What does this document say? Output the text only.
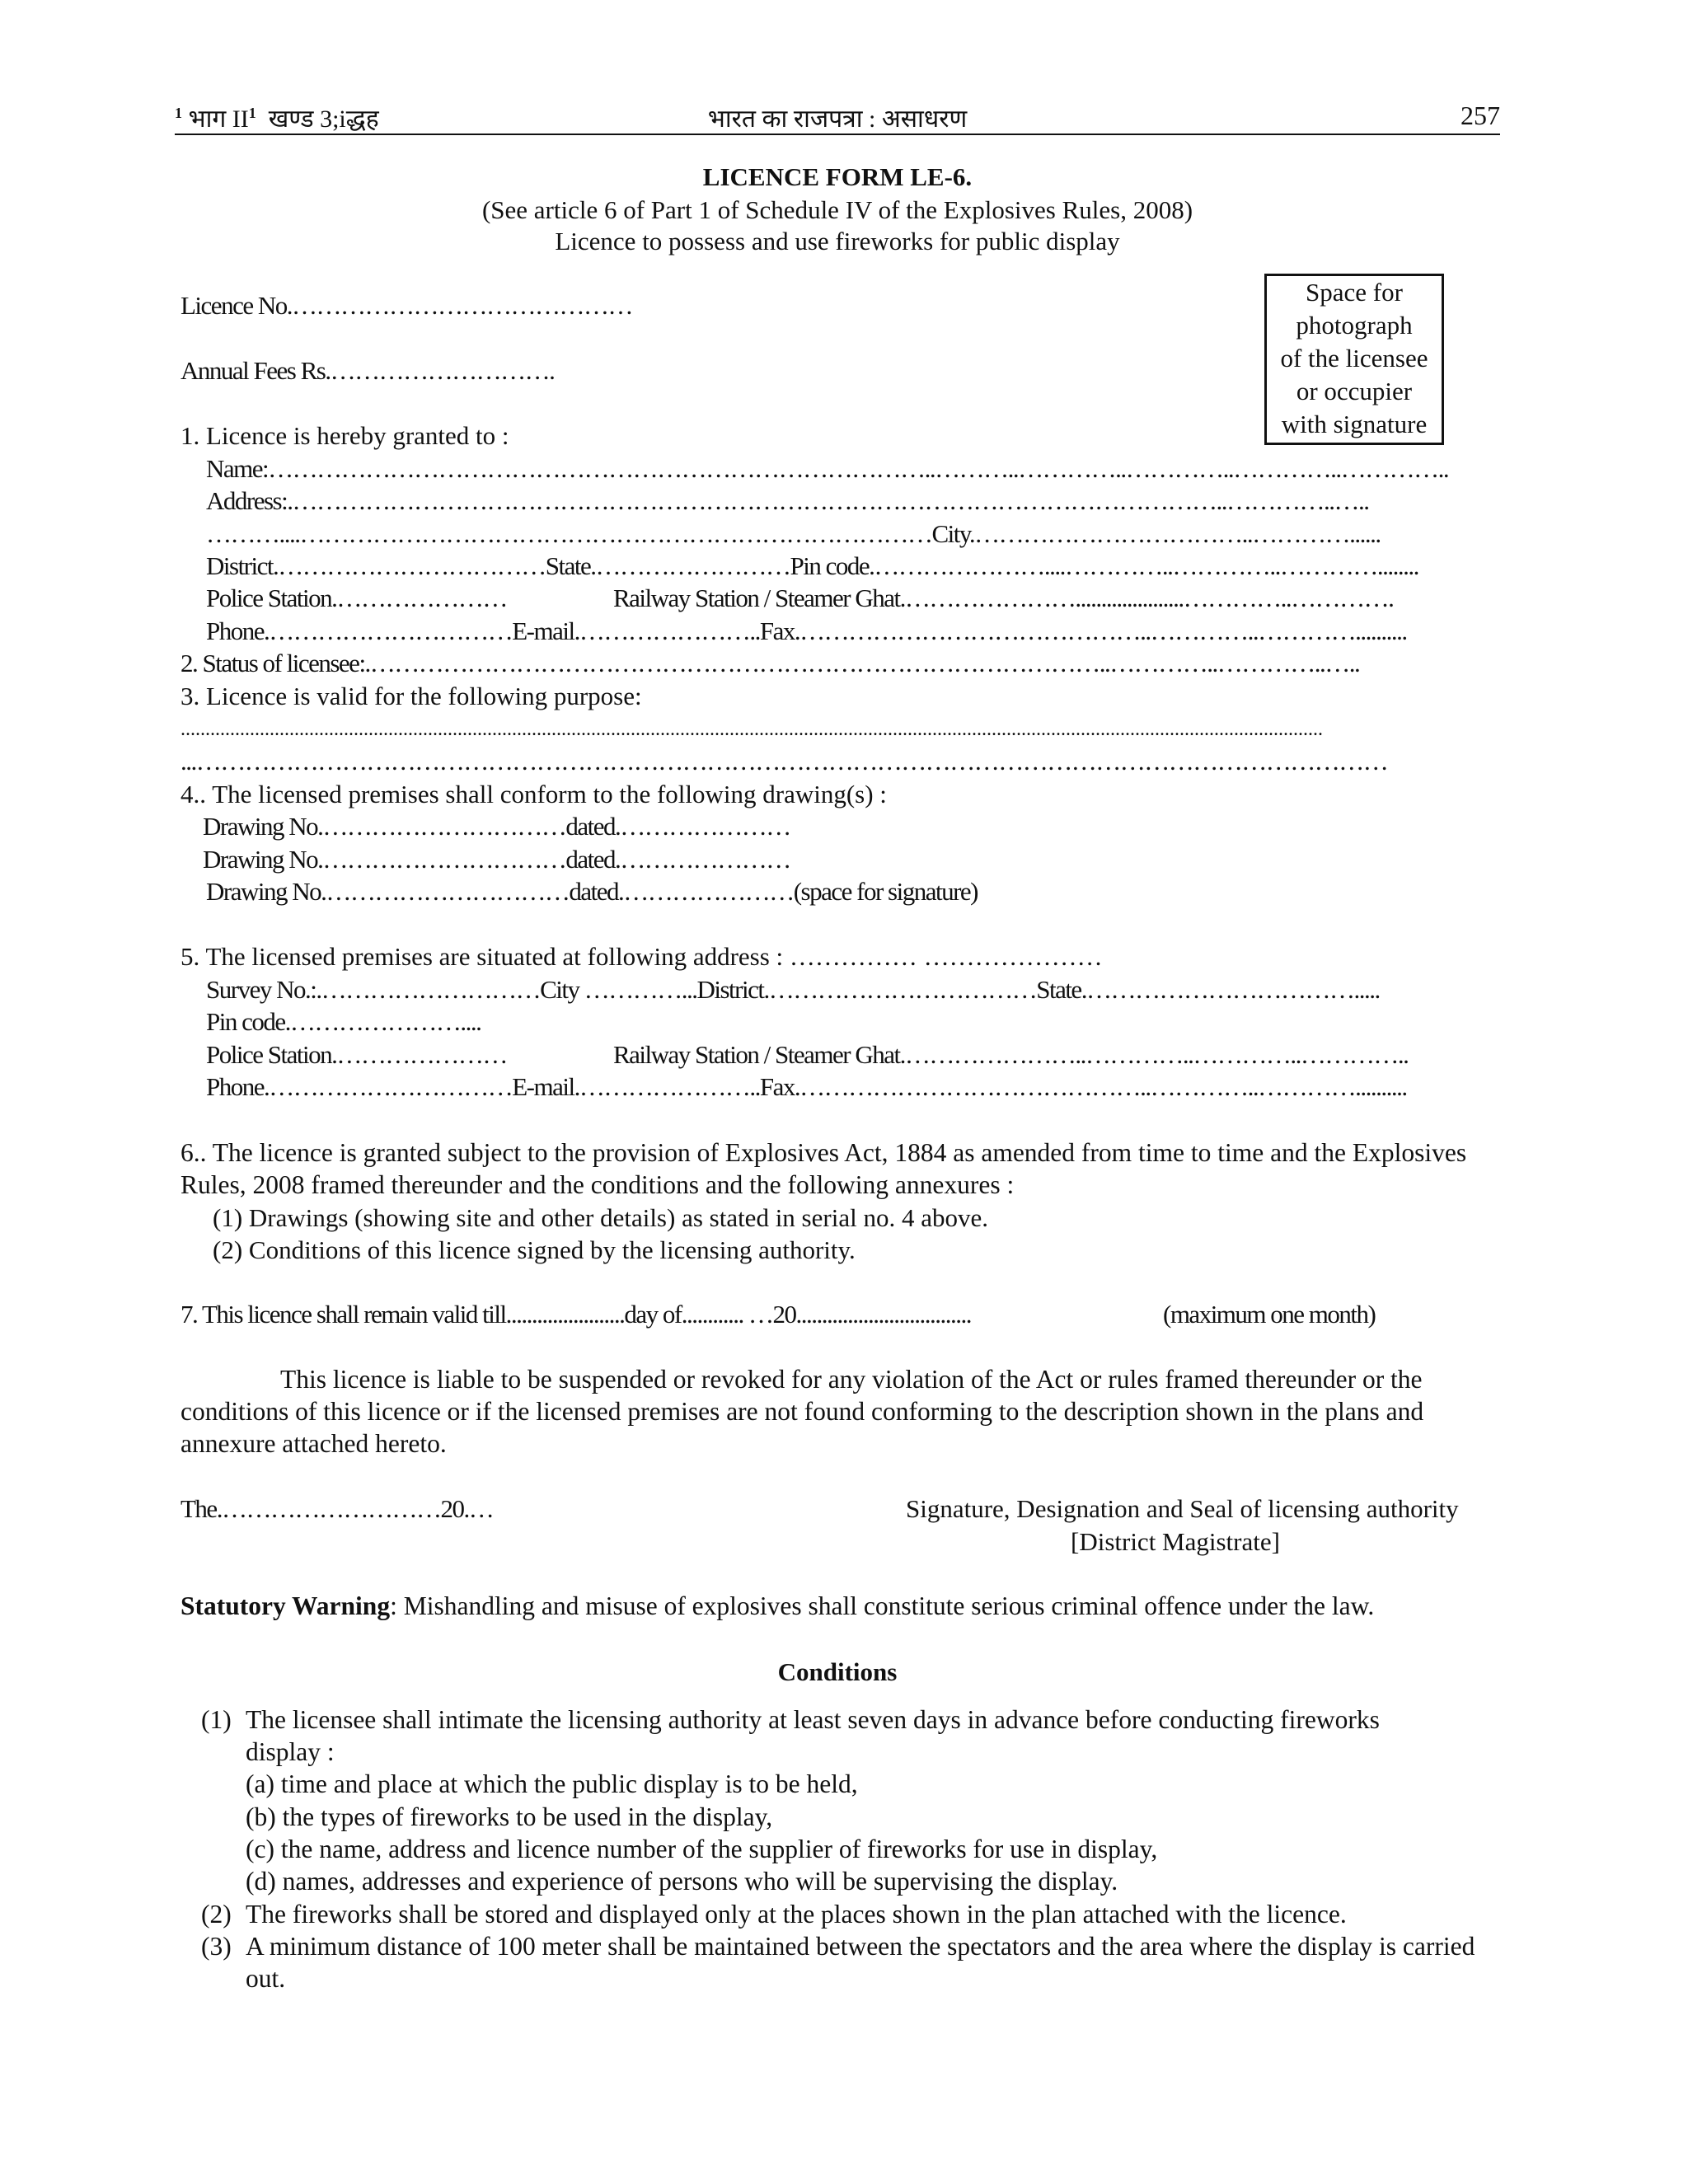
$^1$ भाग $II^1$ खण्ड 3;iद्धह	भारत का राजपत्रा : असाधरण	257
LICENCE FORM LE-6.
(See article 6 of Part 1 of Schedule IV of the Explosives Rules, 2008)
Licence to possess and use fireworks for public display
Space for
photograph
of the licensee
or occupier
with signature
Licence No.……………………………………
Annual Fees Rs.……………………….
1. Licence is hereby granted to :
Name:………………………………………………………………………..………..…………..…………..…………..…………..
Address:.……………………………………………………………………………………………………..…………..…..
………....……………………………………………………………………City.……………………………..…………......
District.……………………………State.……………………Pin code.…………………....…………..…………..…………........
Police Station.…………………	Railway Station / Steamer Ghat.………………….....................…………..………….
Phone.…………………………E-mail.…………………..Fax.……………………………………..…………..…………..........
2. Status of licensee:.………………………………………………………………………………..…………..…………..…..
3. Licence is valid for the following purpose:
.......................................................................................................................................................................................................................................
...…………………………………………………………………………………………………………………………………
4.. The licensed premises shall conform to the following drawing(s) :
Drawing No.…………………………dated.…………………
Drawing No.…………………………dated.…………………
Drawing No.…………………………dated.…………………(space for signature)
5. The licensed premises are situated at following address : …………… …………………
Survey No.:.………………………City …………...District.……………………………State.…………………………….....
Pin code.…………………....
Police Station.…………………	Railway Station / Steamer Ghat.…………………..…………..…………..…………..
Phone.…………………………E-mail.…………………..Fax.……………………………………..…………..…………..........
6.. The licence is granted subject to the provision of Explosives Act, 1884 as amended from time to time and the Explosives
Rules, 2008 framed thereunder and the conditions and the following annexures :
(1) Drawings (showing site and other details) as stated in serial no. 4 above.
(2) Conditions of this licence signed by the licensing authority.
7. This licence shall remain valid till.......................day of............ …20..................................	(maximum one month)
This licence is liable to be suspended or revoked for any violation of the Act or rules framed thereunder or the
conditions of this licence or if the licensed premises are not found conforming to the description shown in the plans and
annexure attached hereto.
The.………………………20.…	Signature, Designation and Seal of licensing authority
[District Magistrate]
Statutory Warning: Mishandling and misuse of explosives shall constitute serious criminal offence under the law.
Conditions
(1) The licensee shall intimate the licensing authority at least seven days in advance before conducting fireworks
display :
(a) time and place at which the public display is to be held,
(b) the types of fireworks to be used in the display,
(c) the name, address and licence number of the supplier of fireworks for use in display,
(d) names, addresses and experience of persons who will be supervising the display.
(2) The fireworks shall be stored and displayed only at the places shown in the plan attached with the licence.
(3) A minimum distance of 100 meter shall be maintained between the spectators and the area where the display is carried
out.
